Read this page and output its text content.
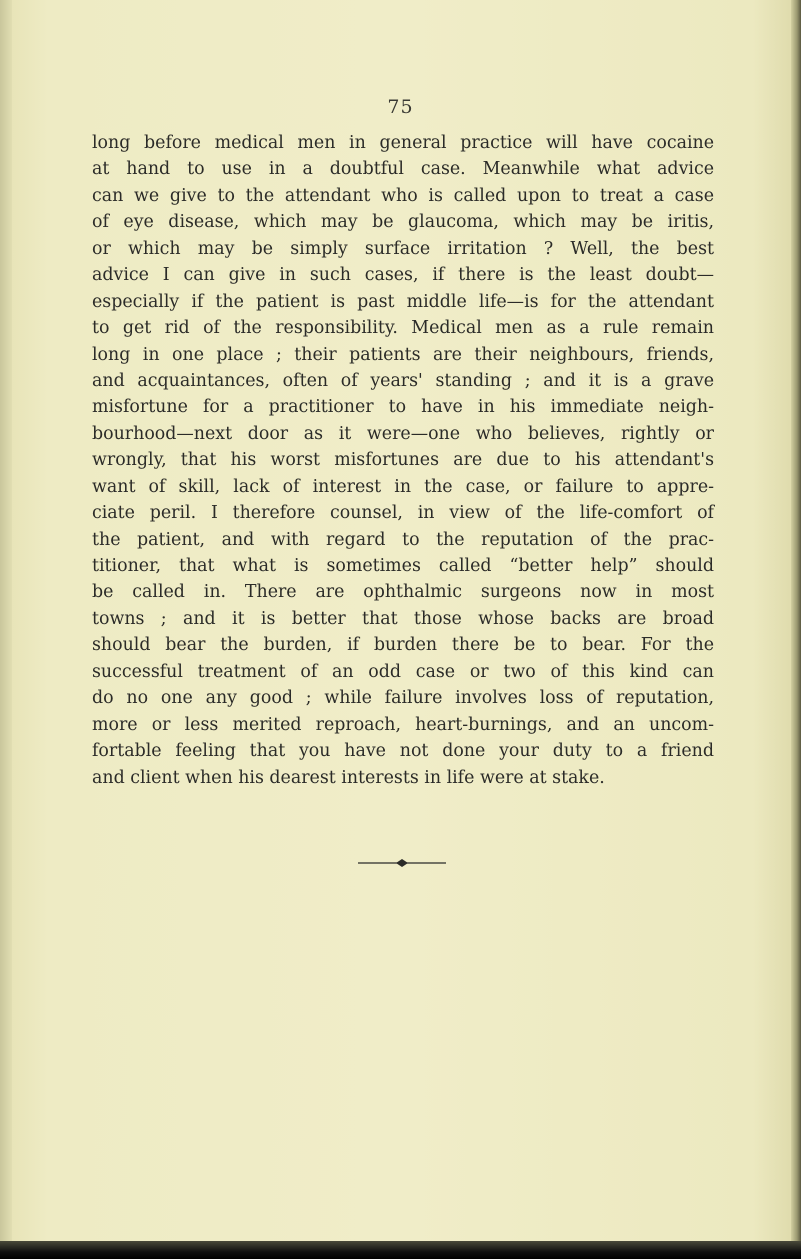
75
long before medical men in general practice will have cocaine
at hand to use in a doubtful case. Meanwhile what advice
can we give to the attendant who is called upon to treat a case
of eye disease, which may be glaucoma, which may be iritis,
or which may be simply surface irritation ? Well, the best
advice I can give in such cases, if there is the least doubt—
especially if the patient is past middle life—is for the attendant
to get rid of the responsibility. Medical men as a rule remain
long in one place ; their patients are their neighbours, friends,
and acquaintances, often of years' standing ; and it is a grave
misfortune for a practitioner to have in his immediate neigh-
bourhood—next door as it were—one who believes, rightly or
wrongly, that his worst misfortunes are due to his attendant's
want of skill, lack of interest in the case, or failure to appre-
ciate peril. I therefore counsel, in view of the life-comfort of
the patient, and with regard to the reputation of the prac-
titioner, that what is sometimes called “better help” should
be called in. There are ophthalmic surgeons now in most
towns ; and it is better that those whose backs are broad
should bear the burden, if burden there be to bear. For the
successful treatment of an odd case or two of this kind can
do no one any good ; while failure involves loss of reputation,
more or less merited reproach, heart-burnings, and an uncom-
fortable feeling that you have not done your duty to a friend
and client when his dearest interests in life were at stake.
